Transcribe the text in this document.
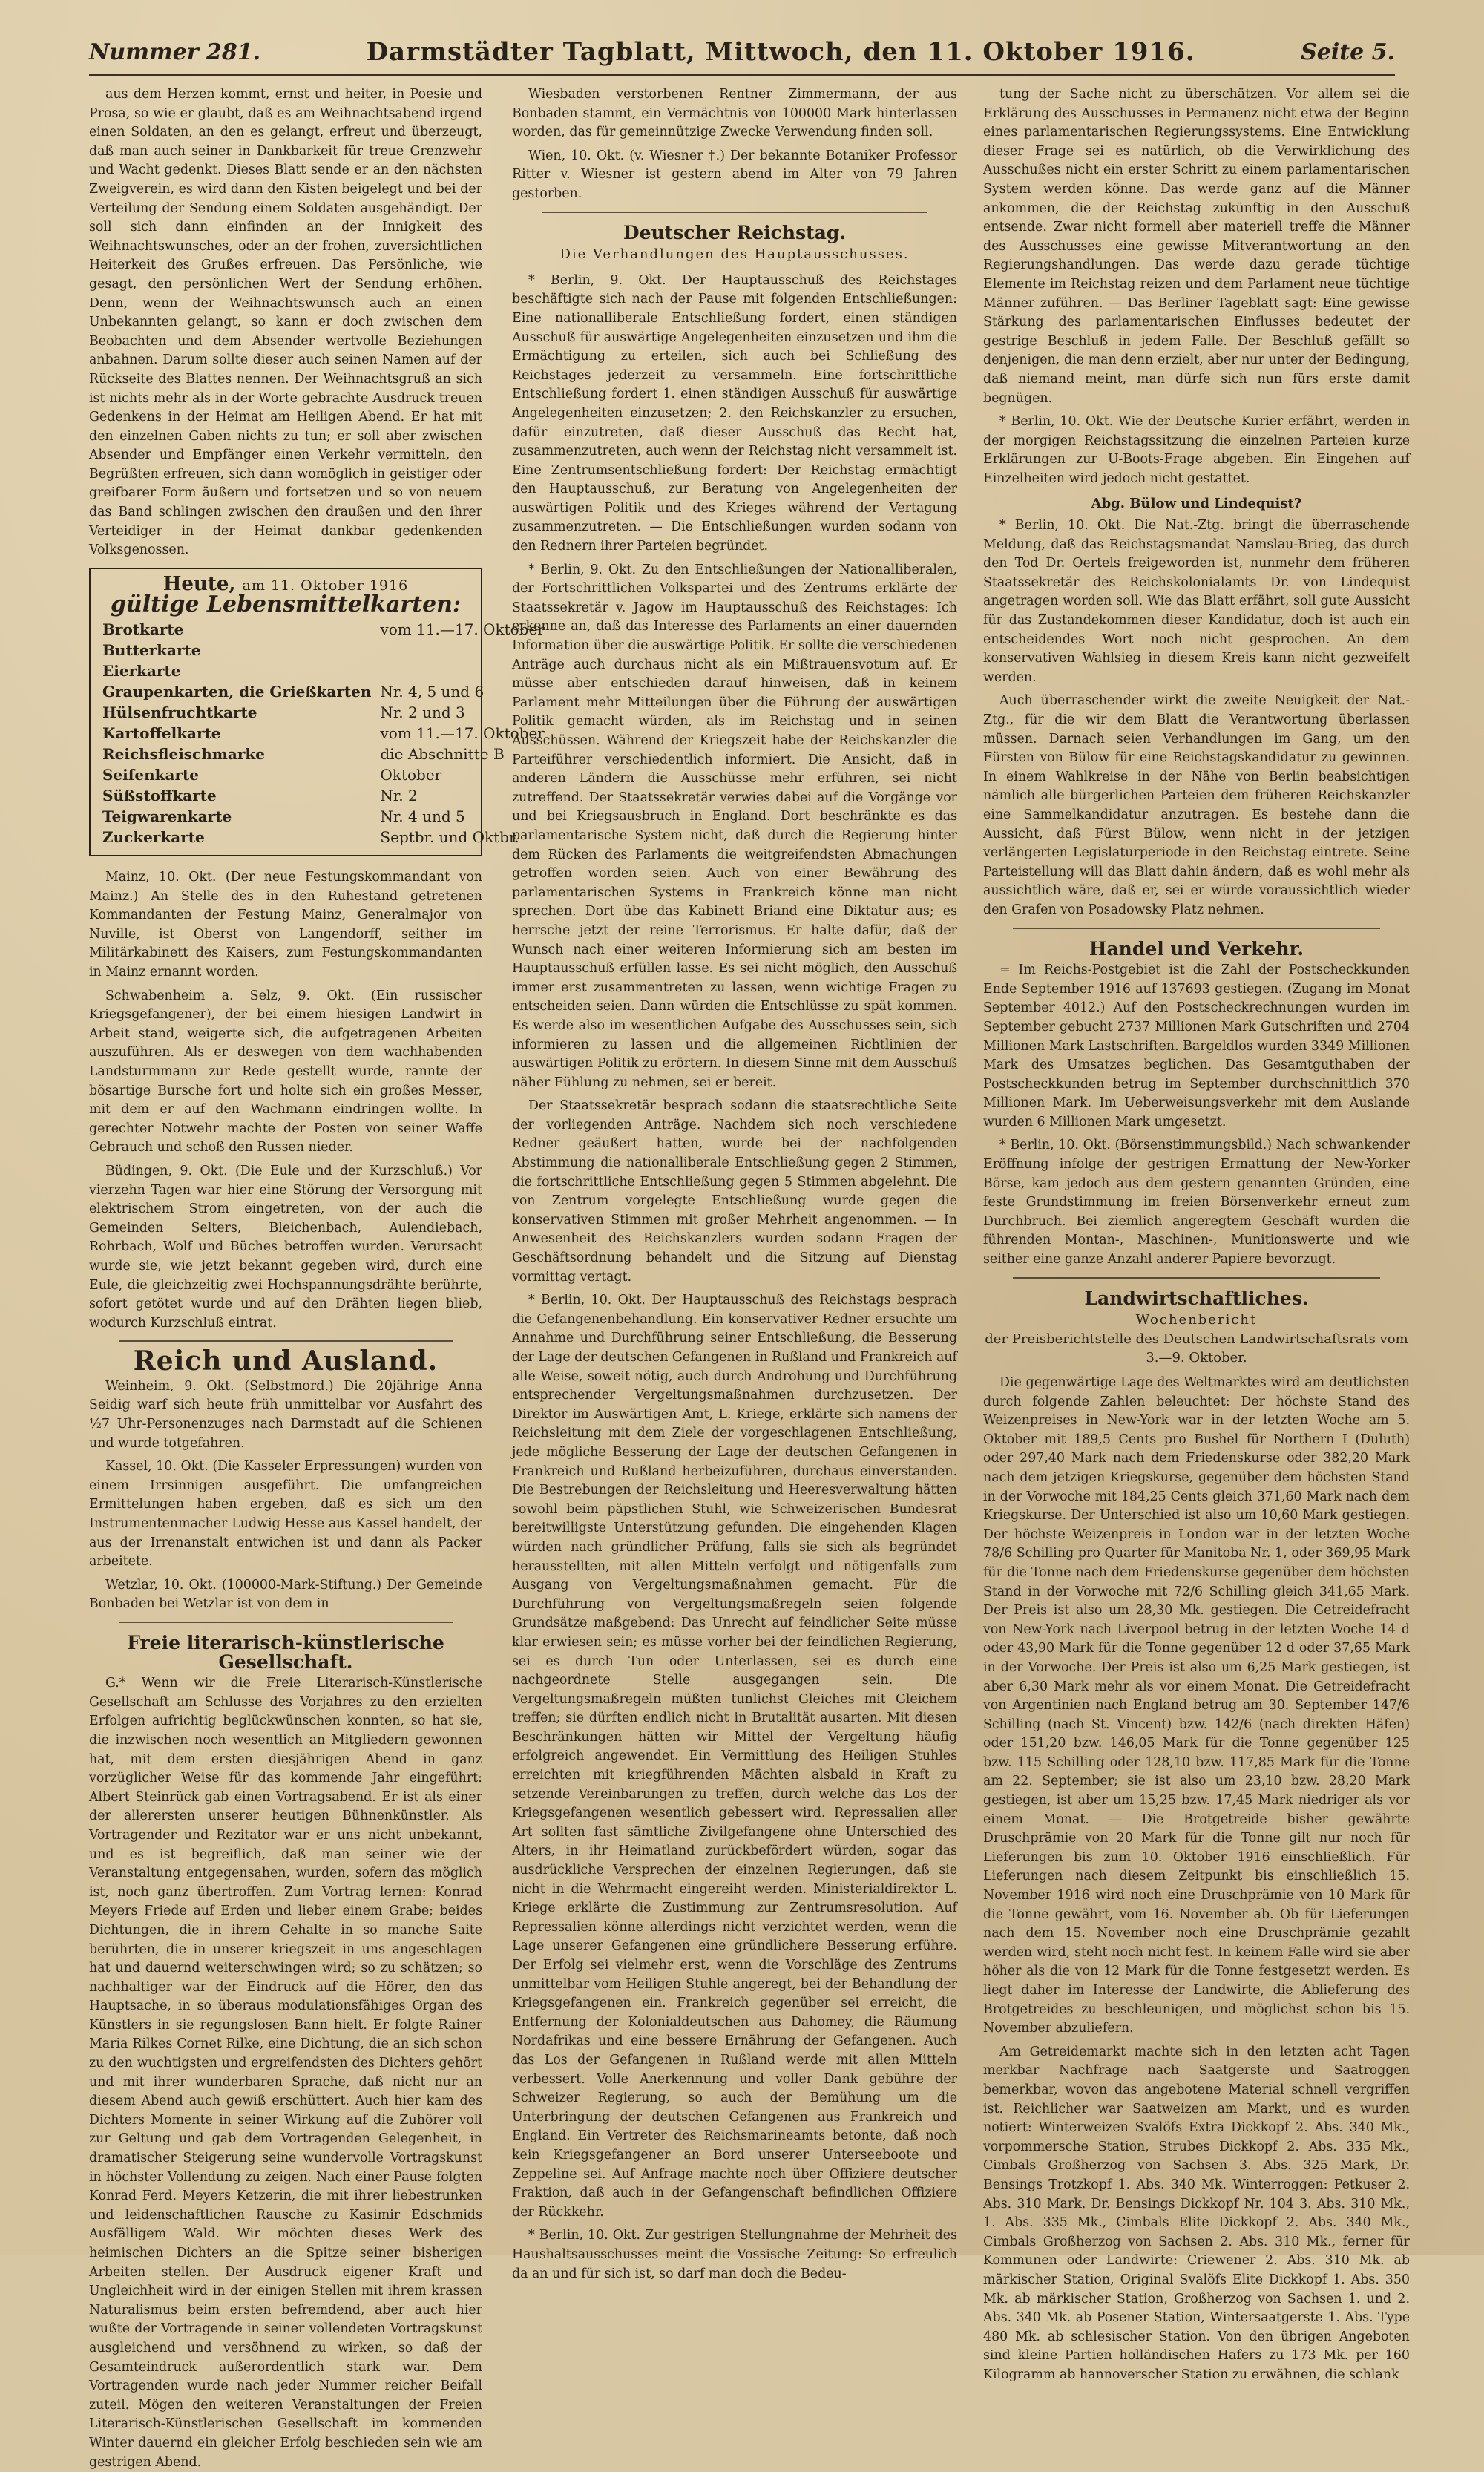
Nummer 281.	Darmstädter Tagblatt, Mittwoch, den 11. Oktober 1916.	Seite 5.

aus dem Herzen kommt, ernst und heiter, in Poesie und Prosa, so wie er glaubt, daß es am Weihnachtsabend irgend einen Soldaten, an den es gelangt, erfreut und überzeugt, daß man auch seiner in Dankbarkeit für treue Grenzwehr und Wacht gedenkt. Dieses Blatt sende er an den nächsten Zweigverein, es wird dann den Kisten beigelegt und bei der Verteilung der Sendung einem Soldaten ausgehändigt. Der soll sich dann einfinden an der Innigkeit des Weihnachtswunsches, oder an der frohen, zuversichtlichen Heiterkeit des Grußes erfreuen. Das Persönliche, wie gesagt, den persönlichen Wert der Sendung erhöhen. Denn, wenn der Weihnachtswunsch auch an einen Unbekannten gelangt, so kann er doch zwischen dem Beobachten und dem Absender wertvolle Beziehungen anbahnen. Darum sollte dieser auch seinen Namen auf der Rückseite des Blattes nennen. Der Weihnachtsgruß an sich ist nichts mehr als in der Worte gebrachte Ausdruck treuen Gedenkens in der Heimat am Heiligen Abend. Er hat mit den einzelnen Gaben nichts zu tun; er soll aber zwischen Absender und Empfänger einen Verkehr vermitteln, den Begrüßten erfreuen, sich dann womöglich in geistiger oder greifbarer Form äußern und fortsetzen und so von neuem das Band schlingen zwischen den draußen und den ihrer Verteidiger in der Heimat dankbar gedenkenden Volksgenossen.

Heute, am 11. Oktober 1916
gültige Lebensmittelkarten:
Brotkarte	vom 11.—17. Oktober
Butterkarte	
Eierkarte	
Graupenkarten, die Grießkarten	Nr. 4, 5 und 6
Hülsenfruchtkarte	Nr. 2 und 3
Kartoffelkarte	vom 11.—17. Oktober
Reichsfleischmarke	die Abschnitte B
Seifenkarte	Oktober
Süßstoffkarte	Nr. 2
Teigwarenkarte	Nr. 4 und 5
Zuckerkarte	Septbr. und Oktbr.

Mainz, 10. Okt. (Der neue Festungskommandant von Mainz.) An Stelle des in den Ruhestand getretenen Kommandanten der Festung Mainz, Generalmajor von Nuville, ist Oberst von Langendorff, seither im Militärkabinett des Kaisers, zum Festungskommandanten in Mainz ernannt worden.

Schwabenheim a. Selz, 9. Okt. (Ein russischer Kriegsgefangener), der bei einem hiesigen Landwirt in Arbeit stand, weigerte sich, die aufgetragenen Arbeiten auszuführen. Als er deswegen von dem wachhabenden Landsturmmann zur Rede gestellt wurde, rannte der bösartige Bursche fort und holte sich ein großes Messer, mit dem er auf den Wachmann eindringen wollte. In gerechter Notwehr machte der Posten von seiner Waffe Gebrauch und schoß den Russen nieder.

Büdingen, 9. Okt. (Die Eule und der Kurzschluß.) Vor vierzehn Tagen war hier eine Störung der Versorgung mit elektrischem Strom eingetreten, von der auch die Gemeinden Selters, Bleichenbach, Aulendiebach, Rohrbach, Wolf und Büches betroffen wurden. Verursacht wurde sie, wie jetzt bekannt gegeben wird, durch eine Eule, die gleichzeitig zwei Hochspannungsdrähte berührte, sofort getötet wurde und auf den Drähten liegen blieb, wodurch Kurzschluß eintrat.

Reich und Ausland.

Weinheim, 9. Okt. (Selbstmord.) Die 20jährige Anna Seidig warf sich heute früh unmittelbar vor Ausfahrt des ½7 Uhr-Personenzuges nach Darmstadt auf die Schienen und wurde totgefahren.

Kassel, 10. Okt. (Die Kasseler Erpressungen) wurden von einem Irrsinnigen ausgeführt. Die umfangreichen Ermittelungen haben ergeben, daß es sich um den Instrumentenmacher Ludwig Hesse aus Kassel handelt, der aus der Irrenanstalt entwichen ist und dann als Packer arbeitete.

Wetzlar, 10. Okt. (100000-Mark-Stiftung.) Der Gemeinde Bonbaden bei Wetzlar ist von dem in

Freie literarisch-künstlerische Gesellschaft.

G.* Wenn wir die Freie Literarisch-Künstlerische Gesellschaft am Schlusse des Vorjahres zu den erzielten Erfolgen aufrichtig beglückwünschen konnten, so hat sie, die inzwischen noch wesentlich an Mitgliedern gewonnen hat, mit dem ersten diesjährigen Abend in ganz vorzüglicher Weise für das kommende Jahr eingeführt: Albert Steinrück gab einen Vortragsabend. Er ist als einer der allerersten unserer heutigen Bühnenkünstler. Als Vortragender und Rezitator war er uns nicht unbekannt, und es ist begreiflich, daß man seiner wie der Veranstaltung entgegensahen, wurden, sofern das möglich ist, noch ganz übertroffen. Zum Vortrag lernen: Konrad Meyers Friede auf Erden und lieber einem Grabe; beides Dichtungen, die in ihrem Gehalte in so manche Saite berührten, die in unserer kriegszeit in uns angeschlagen hat und dauernd weiterschwingen wird; so zu schätzen; so nachhaltiger war der Eindruck auf die Hörer, den das Hauptsache, in so überaus modulationsfähiges Organ des Künstlers in sie regungslosen Bann hielt. Er folgte Rainer Maria Rilkes Cornet Rilke, eine Dichtung, die an sich schon zu den wuchtigsten und ergreifendsten des Dichters gehört und mit ihrer wunderbaren Sprache, daß nicht nur an diesem Abend auch gewiß erschüttert. Auch hier kam des Dichters Momente in seiner Wirkung auf die Zuhörer voll zur Geltung und gab dem Vortragenden Gelegenheit, in dramatischer Steigerung seine wundervolle Vortragskunst in höchster Vollendung zu zeigen. Nach einer Pause folgten Konrad Ferd. Meyers Ketzerin, die mit ihrer liebestrunken und leidenschaftlichen Rausche zu Kasimir Edschmids Ausfälligem Wald. Wir möchten dieses Werk des heimischen Dichters an die Spitze seiner bisherigen Arbeiten stellen. Der Ausdruck eigener Kraft und Ungleichheit wird in der einigen Stellen mit ihrem krassen Naturalismus beim ersten befremdend, aber auch hier wußte der Vortragende in seiner vollendeten Vortragskunst ausgleichend und versöhnend zu wirken, so daß der Gesamteindruck außerordentlich stark war. Dem Vortragenden wurde nach jeder Nummer reicher Beifall zuteil. Mögen den weiteren Veranstaltungen der Freien Literarisch-Künstlerischen Gesellschaft im kommenden Winter dauernd ein gleicher Erfolg beschieden sein wie am gestrigen Abend.

Wiesbaden verstorbenen Rentner Zimmermann, der aus Bonbaden stammt, ein Vermächtnis von 100000 Mark hinterlassen worden, das für gemeinnützige Zwecke Verwendung finden soll.

Wien, 10. Okt. (v. Wiesner †.) Der bekannte Botaniker Professor Ritter v. Wiesner ist gestern abend im Alter von 79 Jahren gestorben.

Deutscher Reichstag.
Die Verhandlungen des Hauptausschusses.

* Berlin, 9. Okt. Der Hauptausschuß des Reichstages beschäftigte sich nach der Pause mit folgenden Entschließungen: Eine nationalliberale Entschließung fordert, einen ständigen Ausschuß für auswärtige Angelegenheiten einzusetzen und ihm die Ermächtigung zu erteilen, sich auch bei Schließung des Reichstages jederzeit zu versammeln. Eine fortschrittliche Entschließung fordert 1. einen ständigen Ausschuß für auswärtige Angelegenheiten einzusetzen; 2. den Reichskanzler zu ersuchen, dafür einzutreten, daß dieser Ausschuß das Recht hat, zusammenzutreten, auch wenn der Reichstag nicht versammelt ist. Eine Zentrumsentschließung fordert: Der Reichstag ermächtigt den Hauptausschuß, zur Beratung von Angelegenheiten der auswärtigen Politik und des Krieges während der Vertagung zusammenzutreten. — Die Entschließungen wurden sodann von den Rednern ihrer Parteien begründet.

* Berlin, 9. Okt. Zu den Entschließungen der Nationalliberalen, der Fortschrittlichen Volkspartei und des Zentrums erklärte der Staatssekretär v. Jagow im Hauptausschuß des Reichstages: Ich erkenne an, daß das Interesse des Parlaments an einer dauernden Information über die auswärtige Politik. Er sollte die verschiedenen Anträge auch durchaus nicht als ein Mißtrauensvotum auf. Er müsse aber entschieden darauf hinweisen, daß in keinem Parlament mehr Mitteilungen über die Führung der auswärtigen Politik gemacht würden, als im Reichstag und in seinen Ausschüssen. Während der Kriegszeit habe der Reichskanzler die Parteiführer verschiedentlich informiert. Die Ansicht, daß in anderen Ländern die Ausschüsse mehr erführen, sei nicht zutreffend. Der Staatssekretär verwies dabei auf die Vorgänge vor und bei Kriegsausbruch in England. Dort beschränkte es das parlamentarische System nicht, daß durch die Regierung hinter dem Rücken des Parlaments die weitgreifendsten Abmachungen getroffen worden seien. Auch von einer Bewährung des parlamentarischen Systems in Frankreich könne man nicht sprechen. Dort übe das Kabinett Briand eine Diktatur aus; es herrsche jetzt der reine Terrorismus. Er halte dafür, daß der Wunsch nach einer weiteren Informierung sich am besten im Hauptausschuß erfüllen lasse. Es sei nicht möglich, den Ausschuß immer erst zusammentreten zu lassen, wenn wichtige Fragen zu entscheiden seien. Dann würden die Entschlüsse zu spät kommen. Es werde also im wesentlichen Aufgabe des Ausschusses sein, sich informieren zu lassen und die allgemeinen Richtlinien der auswärtigen Politik zu erörtern. In diesem Sinne mit dem Ausschuß näher Fühlung zu nehmen, sei er bereit.

Der Staatssekretär besprach sodann die staatsrechtliche Seite der vorliegenden Anträge. Nachdem sich noch verschiedene Redner geäußert hatten, wurde bei der nachfolgenden Abstimmung die nationalliberale Entschließung gegen 2 Stimmen, die fortschrittliche Entschließung gegen 5 Stimmen abgelehnt. Die von Zentrum vorgelegte Entschließung wurde gegen die konservativen Stimmen mit großer Mehrheit angenommen. — In Anwesenheit des Reichskanzlers wurden sodann Fragen der Geschäftsordnung behandelt und die Sitzung auf Dienstag vormittag vertagt.

* Berlin, 10. Okt. Der Hauptausschuß des Reichstags besprach die Gefangenenbehandlung. Ein konservativer Redner ersuchte um Annahme und Durchführung seiner Entschließung, die Besserung der Lage der deutschen Gefangenen in Rußland und Frankreich auf alle Weise, soweit nötig, auch durch Androhung und Durchführung entsprechender Vergeltungsmaßnahmen durchzusetzen. Der Direktor im Auswärtigen Amt, L. Kriege, erklärte sich namens der Reichsleitung mit dem Ziele der vorgeschlagenen Entschließung, jede mögliche Besserung der Lage der deutschen Gefangenen in Frankreich und Rußland herbeizuführen, durchaus einverstanden. Die Bestrebungen der Reichsleitung und Heeresverwaltung hätten sowohl beim päpstlichen Stuhl, wie Schweizerischen Bundesrat bereitwilligste Unterstützung gefunden. Die eingehenden Klagen würden nach gründlicher Prüfung, falls sie sich als begründet herausstellten, mit allen Mitteln verfolgt und nötigenfalls zum Ausgang von Vergeltungsmaßnahmen gemacht. Für die Durchführung von Vergeltungsmaßregeln seien folgende Grundsätze maßgebend: Das Unrecht auf feindlicher Seite müsse klar erwiesen sein; es müsse vorher bei der feindlichen Regierung, sei es durch Tun oder Unterlassen, sei es durch eine nachgeordnete Stelle ausgegangen sein. Die Vergeltungsmaßregeln müßten tunlichst Gleiches mit Gleichem treffen; sie dürften endlich nicht in Brutalität ausarten. Mit diesen Beschränkungen hätten wir Mittel der Vergeltung häufig erfolgreich angewendet. Ein Vermittlung des Heiligen Stuhles erreichten mit kriegführenden Mächten alsbald in Kraft zu setzende Vereinbarungen zu treffen, durch welche das Los der Kriegsgefangenen wesentlich gebessert wird. Repressalien aller Art sollten fast sämtliche Zivilgefangene ohne Unterschied des Alters, in ihr Heimatland zurückbefördert würden, sogar das ausdrückliche Versprechen der einzelnen Regierungen, daß sie nicht in die Wehrmacht eingereiht werden. Ministerialdirektor L. Kriege erklärte die Zustimmung zur Zentrumsresolution. Auf Repressalien könne allerdings nicht verzichtet werden, wenn die Lage unserer Gefangenen eine gründlichere Besserung erführe. Der Erfolg sei vielmehr erst, wenn die Vorschläge des Zentrums unmittelbar vom Heiligen Stuhle angeregt, bei der Behandlung der Kriegsgefangenen ein. Frankreich gegenüber sei erreicht, die Entfernung der Kolonialdeutschen aus Dahomey, die Räumung Nordafrikas und eine bessere Ernährung der Gefangenen. Auch das Los der Gefangenen in Rußland werde mit allen Mitteln verbessert. Volle Anerkennung und voller Dank gebühre der Schweizer Regierung, so auch der Bemühung um die Unterbringung der deutschen Gefangenen aus Frankreich und England. Ein Vertreter des Reichsmarineamts betonte, daß noch kein Kriegsgefangener an Bord unserer Unterseeboote und Zeppeline sei. Auf Anfrage machte noch über Offiziere deutscher Fraktion, daß auch in der Gefangenschaft befindlichen Offiziere der Rückkehr.

* Berlin, 10. Okt. Zur gestrigen Stellungnahme der Mehrheit des Haushaltsausschusses meint die Vossische Zeitung: So erfreulich da an und für sich ist, so darf man doch die Bedeu-

tung der Sache nicht zu überschätzen. Vor allem sei die Erklärung des Ausschusses in Permanenz nicht etwa der Beginn eines parlamentarischen Regierungssystems. Eine Entwicklung dieser Frage sei es natürlich, ob die Verwirklichung des Ausschußes nicht ein erster Schritt zu einem parlamentarischen System werden könne. Das werde ganz auf die Männer ankommen, die der Reichstag zukünftig in den Ausschuß entsende. Zwar nicht formell aber materiell treffe die Männer des Ausschusses eine gewisse Mitverantwortung an den Regierungshandlungen. Das werde dazu gerade tüchtige Elemente im Reichstag reizen und dem Parlament neue tüchtige Männer zuführen. — Das Berliner Tageblatt sagt: Eine gewisse Stärkung des parlamentarischen Einflusses bedeutet der gestrige Beschluß in jedem Falle. Der Beschluß gefällt so denjenigen, die man denn erzielt, aber nur unter der Bedingung, daß niemand meint, man dürfe sich nun fürs erste damit begnügen.

* Berlin, 10. Okt. Wie der Deutsche Kurier erfährt, werden in der morgigen Reichstagssitzung die einzelnen Parteien kurze Erklärungen zur U-Boots-Frage abgeben. Ein Eingehen auf Einzelheiten wird jedoch nicht gestattet.

Abg. Bülow und Lindequist?

* Berlin, 10. Okt. Die Nat.-Ztg. bringt die überraschende Meldung, daß das Reichstagsmandat Namslau-Brieg, das durch den Tod Dr. Oertels freigeworden ist, nunmehr dem früheren Staatssekretär des Reichskolonialamts Dr. von Lindequist angetragen worden soll. Wie das Blatt erfährt, soll gute Aussicht für das Zustandekommen dieser Kandidatur, doch ist auch ein entscheidendes Wort noch nicht gesprochen. An dem konservativen Wahlsieg in diesem Kreis kann nicht gezweifelt werden.

Auch überraschender wirkt die zweite Neuigkeit der Nat.-Ztg., für die wir dem Blatt die Verantwortung überlassen müssen. Darnach seien Verhandlungen im Gang, um den Fürsten von Bülow für eine Reichstagskandidatur zu gewinnen. In einem Wahlkreise in der Nähe von Berlin beabsichtigen nämlich alle bürgerlichen Parteien dem früheren Reichskanzler eine Sammelkandidatur anzutragen. Es bestehe dann die Aussicht, daß Fürst Bülow, wenn nicht in der jetzigen verlängerten Legislaturperiode in den Reichstag eintrete. Seine Parteistellung will das Blatt dahin ändern, daß es wohl mehr als aussichtlich wäre, daß er, sei er würde voraussichtlich wieder den Grafen von Posadowsky Platz nehmen.

Handel und Verkehr.

= Im Reichs-Postgebiet ist die Zahl der Postscheckkunden Ende September 1916 auf 137693 gestiegen. (Zugang im Monat September 4012.) Auf den Postscheckrechnungen wurden im September gebucht 2737 Millionen Mark Gutschriften und 2704 Millionen Mark Lastschriften. Bargeldlos wurden 3349 Millionen Mark des Umsatzes beglichen. Das Gesamtguthaben der Postscheckkunden betrug im September durchschnittlich 370 Millionen Mark. Im Ueberweisungsverkehr mit dem Auslande wurden 6 Millionen Mark umgesetzt.

* Berlin, 10. Okt. (Börsenstimmungsbild.) Nach schwankender Eröffnung infolge der gestrigen Ermattung der New-Yorker Börse, kam jedoch aus dem gestern genannten Gründen, eine feste Grundstimmung im freien Börsenverkehr erneut zum Durchbruch. Bei ziemlich angeregtem Geschäft wurden die führenden Montan-, Maschinen-, Munitionswerte und wie seither eine ganze Anzahl anderer Papiere bevorzugt.

Landwirtschaftliches.
Wochenbericht
der Preisberichtstelle des Deutschen Landwirtschaftsrats vom 3.—9. Oktober.

Die gegenwärtige Lage des Weltmarktes wird am deutlichsten durch folgende Zahlen beleuchtet: Der höchste Stand des Weizenpreises in New-York war in der letzten Woche am 5. Oktober mit 189,5 Cents pro Bushel für Northern I (Duluth) oder 297,40 Mark nach dem Friedenskurse oder 382,20 Mark nach dem jetzigen Kriegskurse, gegenüber dem höchsten Stand in der Vorwoche mit 184,25 Cents gleich 371,60 Mark nach dem Kriegskurse. Der Unterschied ist also um 10,60 Mark gestiegen. Der höchste Weizenpreis in London war in der letzten Woche 78/6 Schilling pro Quarter für Manitoba Nr. 1, oder 369,95 Mark für die Tonne nach dem Friedenskurse gegenüber dem höchsten Stand in der Vorwoche mit 72/6 Schilling gleich 341,65 Mark. Der Preis ist also um 28,30 Mk. gestiegen. Die Getreidefracht von New-York nach Liverpool betrug in der letzten Woche 14 d oder 43,90 Mark für die Tonne gegenüber 12 d oder 37,65 Mark in der Vorwoche. Der Preis ist also um 6,25 Mark gestiegen, ist aber 6,30 Mark mehr als vor einem Monat. Die Getreidefracht von Argentinien nach England betrug am 30. September 147/6 Schilling (nach St. Vincent) bzw. 142/6 (nach direkten Häfen) oder 151,20 bzw. 146,05 Mark für die Tonne gegenüber 125 bzw. 115 Schilling oder 128,10 bzw. 117,85 Mark für die Tonne am 22. September; sie ist also um 23,10 bzw. 28,20 Mark gestiegen, ist aber um 15,25 bzw. 17,45 Mark niedriger als vor einem Monat. — Die Brotgetreide bisher gewährte Druschprämie von 20 Mark für die Tonne gilt nur noch für Lieferungen bis zum 10. Oktober 1916 einschließlich. Für Lieferungen nach diesem Zeitpunkt bis einschließlich 15. November 1916 wird noch eine Druschprämie von 10 Mark für die Tonne gewährt, vom 16. November ab. Ob für Lieferungen nach dem 15. November noch eine Druschprämie gezahlt werden wird, steht noch nicht fest. In keinem Falle wird sie aber höher als die von 12 Mark für die Tonne festgesetzt werden. Es liegt daher im Interesse der Landwirte, die Ablieferung des Brotgetreides zu beschleunigen, und möglichst schon bis 15. November abzuliefern.

Am Getreidemarkt machte sich in den letzten acht Tagen merkbar Nachfrage nach Saatgerste und Saatroggen bemerkbar, wovon das angebotene Material schnell vergriffen ist. Reichlicher war Saatweizen am Markt, und es wurden notiert: Winterweizen Svalöfs Extra Dickkopf 2. Abs. 340 Mk., vorpommersche Station, Strubes Dickkopf 2. Abs. 335 Mk., Cimbals Großherzog von Sachsen 3. Abs. 325 Mark, Dr. Bensings Trotzkopf 1. Abs. 340 Mk. Winterroggen: Petkuser 2. Abs. 310 Mark. Dr. Bensings Dickkopf Nr. 104 3. Abs. 310 Mk., 1. Abs. 335 Mk., Cimbals Elite Dickkopf 2. Abs. 340 Mk., Cimbals Großherzog von Sachsen 2. Abs. 310 Mk., ferner für Kommunen oder Landwirte: Criewener 2. Abs. 310 Mk. ab märkischer Station, Original Svalöfs Elite Dickkopf 1. Abs. 350 Mk. ab märkischer Station, Großherzog von Sachsen 1. und 2. Abs. 340 Mk. ab Posener Station, Wintersaatgerste 1. Abs. Type 480 Mk. ab schlesischer Station. Von den übrigen Angeboten sind kleine Partien holländischen Hafers zu 173 Mk. per 160 Kilogramm ab hannoverscher Station zu erwähnen, die schlank
